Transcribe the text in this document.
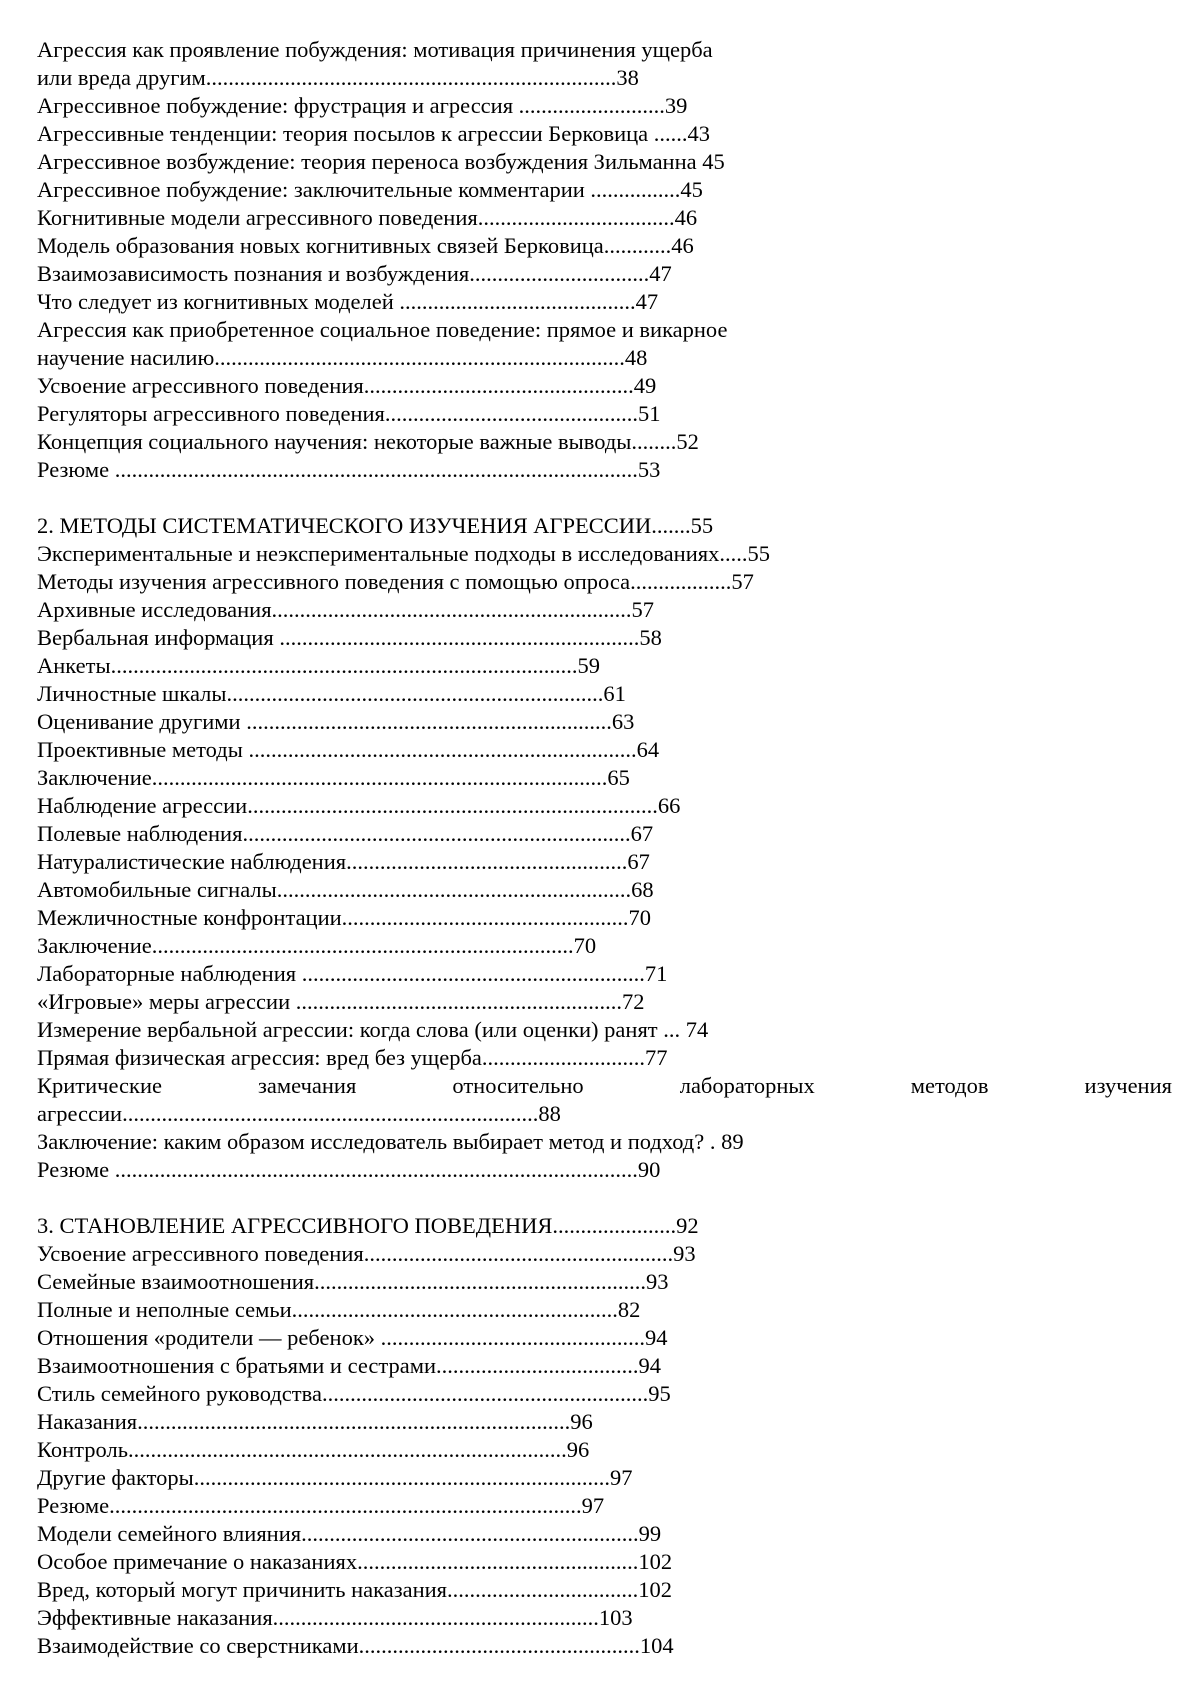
Агрессия как проявление побуждения: мотивация причинения ущерба
или вреда другим.........................................................................38
Агрессивное побуждение: фрустрация и агрессия ..........................39
Агрессивные тенденции: теория посылов к агрессии Берковица ......43
Агрессивное возбуждение: теория переноса возбуждения Зильманна 45
Агрессивное побуждение: заключительные комментарии ................45
Когнитивные модели агрессивного поведения...................................46
Модель образования новых когнитивных связей Берковица............46
Взаимозависимость познания и возбуждения................................47
Что следует из когнитивных моделей ..........................................47
Агрессия как приобретенное социальное поведение: прямое и викарное
научение насилию.........................................................................48
Усвоение агрессивного поведения................................................49
Регуляторы агрессивного поведения.............................................51
Концепция социального научения: некоторые важные выводы........52
Резюме .............................................................................................53
2. МЕТОДЫ СИСТЕМАТИЧЕСКОГО ИЗУЧЕНИЯ АГРЕССИИ.......55
Экспериментальные и неэкспериментальные подходы в исследованиях.....55
Методы изучения агрессивного поведения с помощью опроса..................57
Архивные исследования................................................................57
Вербальная информация ................................................................58
Анкеты...................................................................................59
Личностные шкалы...................................................................61
Оценивание другими .................................................................63
Проективные методы .....................................................................64
Заключение.................................................................................65
Наблюдение агрессии.........................................................................66
Полевые наблюдения.....................................................................67
Натуралистические наблюдения..................................................67
Автомобильные сигналы...............................................................68
Межличностные конфронтации...................................................70
Заключение...........................................................................70
Лабораторные наблюдения .............................................................71
«Игровые» меры агрессии ..........................................................72
Измерение вербальной агрессии: когда слова (или оценки) ранят ... 74
Прямая физическая агрессия: вред без ущерба.............................77
Критические	замечания	относительно	лабораторных	методов	изучения
агрессии..........................................................................88
Заключение: каким образом исследователь выбирает метод и подход? . 89
Резюме .............................................................................................90
3. СТАНОВЛЕНИЕ АГРЕССИВНОГО ПОВЕДЕНИЯ......................92
Усвоение агрессивного поведения.......................................................93
Семейные взаимоотношения...........................................................93
Полные и неполные семьи..........................................................82
Отношения «родители — ребенок» ...............................................94
Взаимоотношения с братьями и сестрами....................................94
Стиль семейного руководства..........................................................95
Наказания.............................................................................96
Контроль..............................................................................96
Другие факторы..........................................................................97
Резюме....................................................................................97
Модели семейного влияния............................................................99
Особое примечание о наказаниях..................................................102
Вред, который могут причинить наказания..................................102
Эффективные наказания..........................................................103
Взаимодействие со сверстниками..................................................104
